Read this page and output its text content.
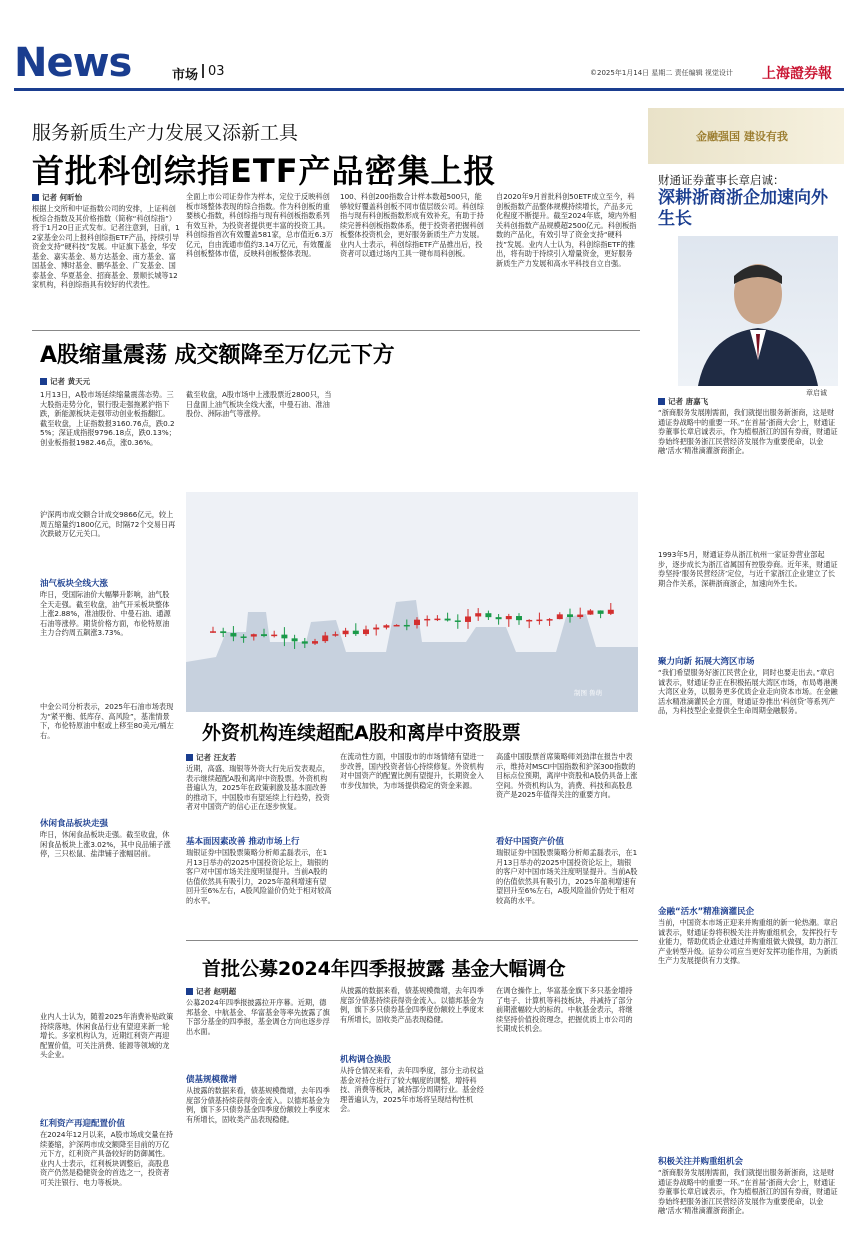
News	市场 03	©2025年1月14日 星期二 责任编辑 视觉设计 上海證券報
服务新质生产力发展又添新工具
首批科创综指ETF产品密集上报
记者 何昕怡
根据上交所和中证指数公司的安排，上证科创板综合指数及其价格指数（简称“科创综指”）将于1月20日正式发布。记者注意到，日前，12家基金公司上报科创综指ETF产品，持续引导资金支持“硬科技”发展。中证旗下基金，华安基金、嘉实基金、易方达基金、南方基金、富国基金、博时基金、鹏华基金、广发基金、国泰基金、华夏基金、招商基金、景顺长城等12家机构，科创综指具有较好的代表性。
全面上市公司证券作为样本，定位于反映科创板市场整体表现的综合指数。作为科创板的重要核心指数，科创综指与现有科创板指数系列有效互补，为投资者提供更丰富的投资工具。科创综指首次有效覆盖581家，总市值近6.3万亿元，自由流通市值约3.14万亿元，有效覆盖科创板整体市值，反映科创板整体表现。
100、科创200指数合计样本数超500只，能够较好覆盖科创板不同市值层级公司。科创综指与现有科创板指数形成有效补充，有助于持续完善科创板指数体系，便于投资者把握科创板整体投资机会，更好服务新质生产力发展。业内人士表示，科创综指ETF产品推出后，投资者可以通过场内工具一键布局科创板。
自2020年9月首批科创50ETF成立至今，科创板指数产品整体规模持续增长，产品多元化程度不断提升。截至2024年底，境内外相关科创指数产品规模超2500亿元。科创板指数的产品化，有效引导了资金支持“硬科技”发展。业内人士认为，科创综指ETF的推出，将有助于持续引入增量资金，更好服务新质生产力发展和高水平科技自立自强。
金融强国 建设有我
财通证券董事长章启诚：
深耕浙商浙企加速向外生长
章启诚
记者 唐嘉飞
“浙商服务发展刚需面，我们就提出服务新浙商，这是财通证券战略中的重要一环。”在首届‘浙商大会’上，财通证券董事长章启诚表示，作为植根浙江的国有券商，财通证券始终把服务浙江民营经济发展作为重要使命，以金融‘活水’精准滴灌浙商浙企。
1993年5月，财通证券从浙江杭州一家证券营业部起步，逐步成长为浙江省属国有控股券商。近年来，财通证券坚持‘服务民营经济’定位，与近千家浙江企业建立了长期合作关系，深耕浙商浙企，加速向外生长。
聚力向新 拓展大湾区市场
“我们希望服务好浙江民营企业，同时也要走出去。”章启诚表示，财通证券正在积极拓展大湾区市场，布局粤港澳大湾区业务，以服务更多优质企业走向资本市场。在金融活水精准滴灌民企方面，财通证券推出‘科创贷’等系列产品，为科技型企业提供全生命周期金融服务。
金融“活水”精准滴灌民企
当前，中国资本市场正迎来并购重组的新一轮热潮。章启诚表示，财通证券将积极关注并购重组机会，发挥投行专业能力，帮助优质企业通过并购重组做大做强，助力浙江产业转型升级。证券公司应当更好发挥功能作用，为新质生产力发展提供有力支撑。
积极关注并购重组机会
“浙商服务发展刚需面，我们就提出服务新浙商，这是财通证券战略中的重要一环。”在首届‘浙商大会’上，财通证券董事长章启诚表示，作为植根浙江的国有券商，财通证券始终把服务浙江民营经济发展作为重要使命，以金融‘活水’精准滴灌浙商浙企。
A股缩量震荡 成交额降至万亿元下方
记者 黄天元
1月13日，A股市场延续缩量震荡态势。三大股指走势分化，银行股走强拖累沪指下跌，新能源板块走强带动创业板指翻红。截至收盘，上证指数报3160.76点，跌0.25%；深证成指报9796.18点，跌0.13%；创业板指报1982.46点，涨0.36%。
沪深两市成交额合计成交9866亿元，较上周五缩量约1800亿元，时隔72个交易日再次跌破万亿元关口。
油气板块全线大涨
昨日，受国际油价大幅攀升影响，油气股全天走强。截至收盘，油气开采板块整体上涨2.88%，准油股份、中曼石油、通源石油等涨停。期货价格方面，布伦特原油主力合约周五飙涨3.73%。
中金公司分析表示，2025年石油市场表现为“紧平衡、低库存、高风险”，基准情景下，布伦特原油中枢或上移至80美元/桶左右。
休闲食品板块走强
昨日，休闲食品板块走强。截至收盘，休闲食品板块上涨3.02%，其中良品铺子涨停，三只松鼠、盐津铺子涨幅居前。
业内人士认为，随着2025年消费补贴政策持续落地，休闲食品行业有望迎来新一轮增长。多家机构认为，近期红利资产再迎配置价值，可关注消费、能源等领域的龙头企业。
红利资产再迎配置价值
在2024年12月以来，A股市场成交量在持续萎缩，沪深两市成交额降至目前的万亿元下方，红利资产具备较好的防御属性。业内人士表示，红利板块调整后，高股息资产仍然是稳健资金的首选之一，投资者可关注银行、电力等板块。
截至收盘，A股市场中上涨股票近2800只，当日盘面上油气板块全线大涨，中曼石油、准油股份、洲际油气等涨停。
制图 鲁萌
外资机构连续超配A股和离岸中资股票
记者 汪友若
近期，高盛、瑞银等外资大行先后发表观点，表示继续超配A股和离岸中资股票。外资机构普遍认为，2025年在政策刺激及基本面改善的推动下，中国股市有望延续上行趋势，投资者对中国资产的信心正在逐步恢复。
基本面因素改善 推动市场上行
瑞银证券中国股票策略分析师孟磊表示，在1月13日举办的2025中国投资论坛上，瑞银的客户对中国市场关注度明显提升。当前A股的估值依然具有吸引力，2025年盈利增速有望回升至6%左右，A股风险溢价仍处于相对较高的水平。
在流动性方面，中国股市的市场情绪有望进一步改善，国内投资者信心持续修复。外资机构对中国资产的配置比例有望提升，长期资金入市步伐加快，为市场提供稳定的资金来源。
看好中国资产价值
高盛中国股票首席策略师刘劲津在报告中表示，维持对MSCI中国指数和沪深300指数的目标点位预期，离岸中资股和A股仍具备上涨空间。外资机构认为，消费、科技和高股息资产是2025年值得关注的重要方向。
瑞银证券中国股票策略分析师孟磊表示，在1月13日举办的2025中国投资论坛上，瑞银的客户对中国市场关注度明显提升。当前A股的估值依然具有吸引力，2025年盈利增速有望回升至6%左右，A股风险溢价仍处于相对较高的水平。
首批公募2024年四季报披露 基金大幅调仓
记者 赵明超
公募2024年四季报披露拉开序幕。近期，德邦基金、中航基金、华富基金等率先披露了旗下部分基金的四季报，基金调仓方向也逐步浮出水面。
债基规模微增
从披露的数据来看，债基规模微增，去年四季度部分债基持续获得资金流入。以德邦基金为例，旗下多只债券基金四季度份额较上季度末有所增长，固收类产品表现稳健。
从披露的数据来看，债基规模微增，去年四季度部分债基持续获得资金流入。以德邦基金为例，旗下多只债券基金四季度份额较上季度末有所增长，固收类产品表现稳健。
机构调仓换股
从持仓情况来看，去年四季度，部分主动权益基金对持仓进行了较大幅度的调整，增持科技、消费等板块，减持部分周期行业。基金经理普遍认为，2025年市场将呈现结构性机会。
在调仓操作上，华富基金旗下多只基金增持了电子、计算机等科技板块，并减持了部分前期涨幅较大的标的。中航基金表示，将继续坚持价值投资理念，把握优质上市公司的长期成长机会。
